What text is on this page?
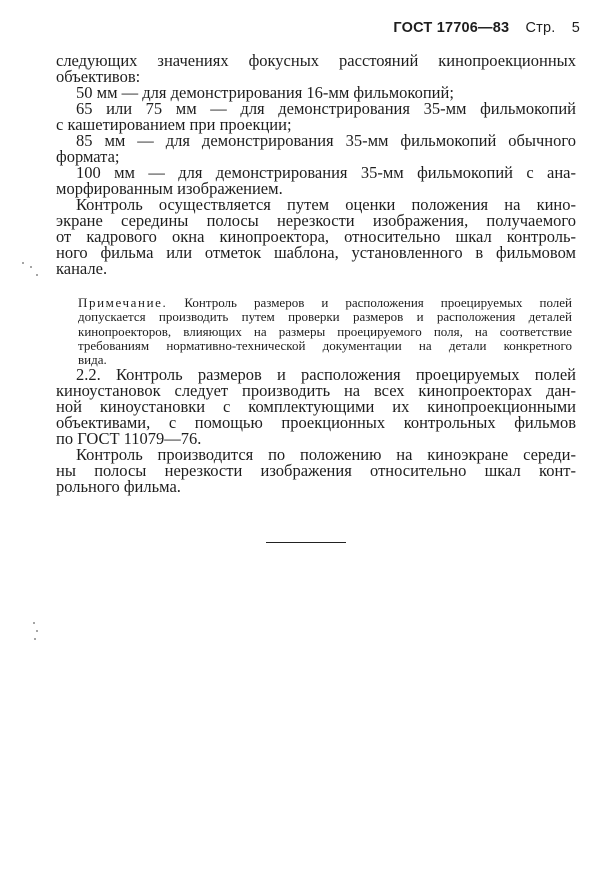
ГОСТ 17706—83 Стр. 5
следующих значениях фокусных расстояний кинопроекционных
объективов:
50 мм — для демонстрирования 16-мм фильмокопий;
65 или 75 мм — для демонстрирования 35-мм фильмокопий
с кашетированием при проекции;
85 мм — для демонстрирования 35-мм фильмокопий обычного
формата;
100 мм — для демонстрирования 35-мм фильмокопий с ана-
морфированным изображением.
Контроль осуществляется путем оценки положения на кино-
экране середины полосы нерезкости изображения, получаемого
от кадрового окна кинопроектора, относительно шкал контроль-
ного фильма или отметок шаблона, установленного в фильмовом
канале.
Примечание. Контроль размеров и расположения проецируемых полей
допускается производить путем проверки размеров и расположения деталей
кинопроекторов, влияющих на размеры проецируемого поля, на соответствие
требованиям нормативно-технической документации на детали конкретного
вида.
2.2. Контроль размеров и расположения проецируемых полей
киноустановок следует производить на всех кинопроекторах дан-
ной киноустановки с комплектующими их кинопроекционными
объективами, с помощью проекционных контрольных фильмов
по ГОСТ 11079—76.
Контроль производится по положению на киноэкране середи-
ны полосы нерезкости изображения относительно шкал конт-
рольного фильма.
